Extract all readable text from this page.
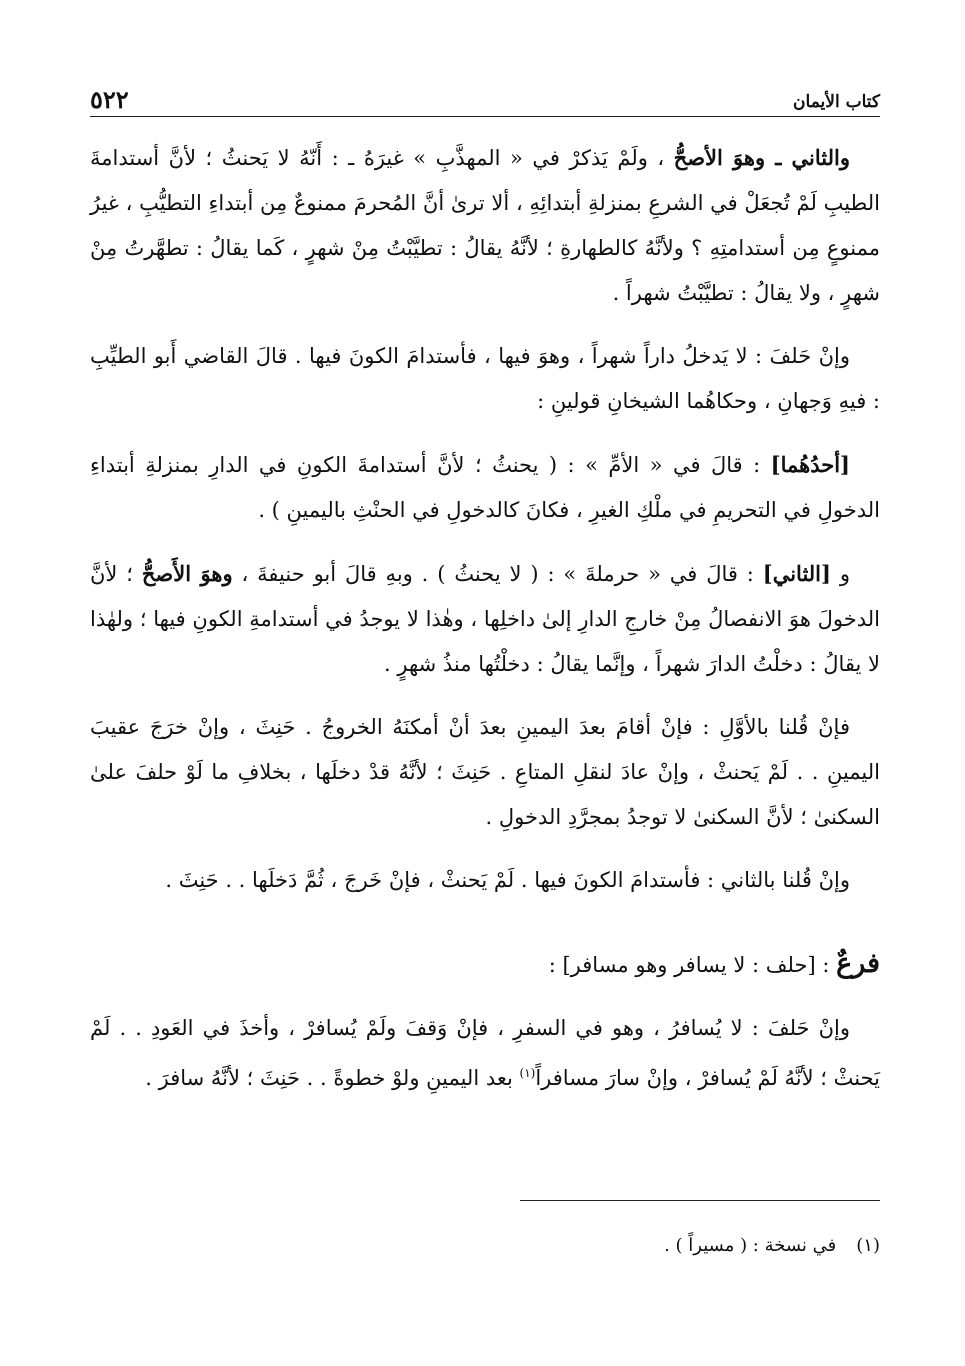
كتاب الأيمان
٥٢٢

والثاني ـ وهوَ الأصحُّ ، ولَمْ يَذكرْ في « المهذَّبِ » غيرَهُ ـ : أَنّهُ لا يَحنثُ ؛ لأنَّ أستدامةَ الطيبِ لَمْ تُجعَلْ في الشرعِ بمنزلةِ أبتدائِهِ ، ألا ترىٰ أنَّ المُحرمَ ممنوعٌ مِن أبتداءِ التطيُّبِ ، غيرُ ممنوعٍ مِن أستدامتِهِ ؟ ولأنَّهُ كالطهارةِ ؛ لأنَّهُ يقالُ : تطيَّبْتُ مِنْ شهرٍ ، كَما يقالُ : تطهَّرتُ مِنْ شهرٍ ، ولا يقالُ : تطيَّبْتُ شهراً .

وإنْ حَلفَ : لا يَدخلُ داراً شهراً ، وهوَ فيها ، فأستدامَ الكونَ فيها . قالَ القاضي أَبو الطيِّبِ : فيهِ وَجهانِ ، وحكاهُما الشيخانِ قولينِ :

[أحدُهُما] : قالَ في « الأمِّ » : ( يحنثُ ؛ لأنَّ أستدامةَ الكونِ في الدارِ بمنزلةِ أبتداءِ الدخولِ في التحريمِ في ملْكِ الغيرِ ، فكانَ كالدخولِ في الحنْثِ باليمينِ ) .

و [الثاني] : قالَ في « حرملةَ » : ( لا يحنثُ ) . وبهِ قالَ أبو حنيفةَ ، وهوَ الأَصحُّ ؛ لأنَّ الدخولَ هوَ الانفصالُ مِنْ خارجِ الدارِ إلىٰ داخلِها ، وهٰذا لا يوجدُ في أستدامةِ الكونِ فيها ؛ ولهٰذا لا يقالُ : دخلْتُ الدارَ شهراً ، وإنَّما يقالُ : دخلْتُها منذُ شهرٍ .

فإنْ قُلنا بالأوَّلِ : فإنْ أقامَ بعدَ اليمينِ بعدَ أنْ أمكنَهُ الخروجُ . حَنِثَ ، وإنْ خرَجَ عقيبَ اليمينِ . . لَمْ يَحنثْ ، وإنْ عادَ لنقلِ المتاعِ . حَنِثَ ؛ لأنَّهُ قدْ دخلَها ، بخلافِ ما لَوْ حلفَ علىٰ السكنىٰ ؛ لأنَّ السكنىٰ لا توجدُ بمجرَّدِ الدخولِ .

وإنْ قُلنا بالثاني : فأستدامَ الكونَ فيها . لَمْ يَحنثْ ، فإنْ خَرجَ ، ثُمَّ دَخلَها . . حَنِثَ .

فرعٌ : [حلف : لا يسافر وهو مسافر] :

وإنْ حَلفَ : لا يُسافرُ ، وهو في السفرِ ، فإنْ وَقفَ ولَمْ يُسافرْ ، وأخذَ في العَودِ . . لَمْ يَحنثْ ؛ لأنَّهُ لَمْ يُسافرْ ، وإنْ سارَ مسافراً$^{(١)}$ بعد اليمينِ ولوْ خطوةً . . حَنِثَ ؛ لأنَّهُ سافرَ .

(١)في نسخة : ( مسيراً ) .
